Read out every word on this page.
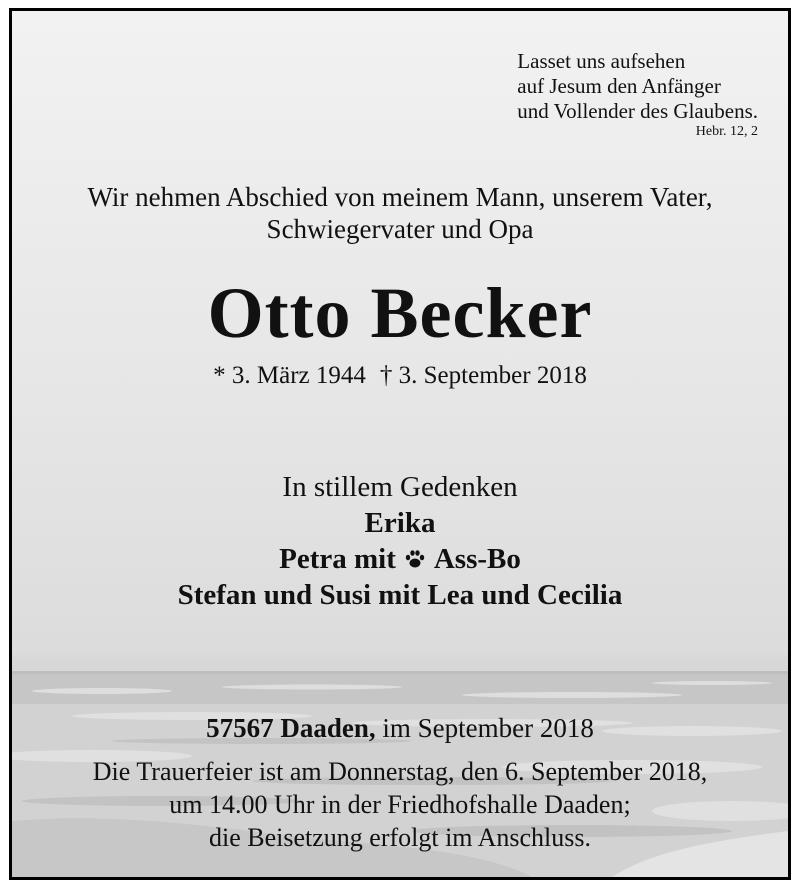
Lasset uns aufsehen
auf Jesum den Anfänger
und Vollender des Glaubens.
Hebr. 12, 2
Wir nehmen Abschied von meinem Mann, unserem Vater,
Schwiegervater und Opa
Otto Becker
* 3. März 1944 † 3. September 2018
In stillem Gedenken
Erika
Petra mit Ass-Bo
Stefan und Susi mit Lea und Cecilia
57567 Daaden, im September 2018
Die Trauerfeier ist am Donnerstag, den 6. September 2018,
um 14.00 Uhr in der Friedhofshalle Daaden;
die Beisetzung erfolgt im Anschluss.
